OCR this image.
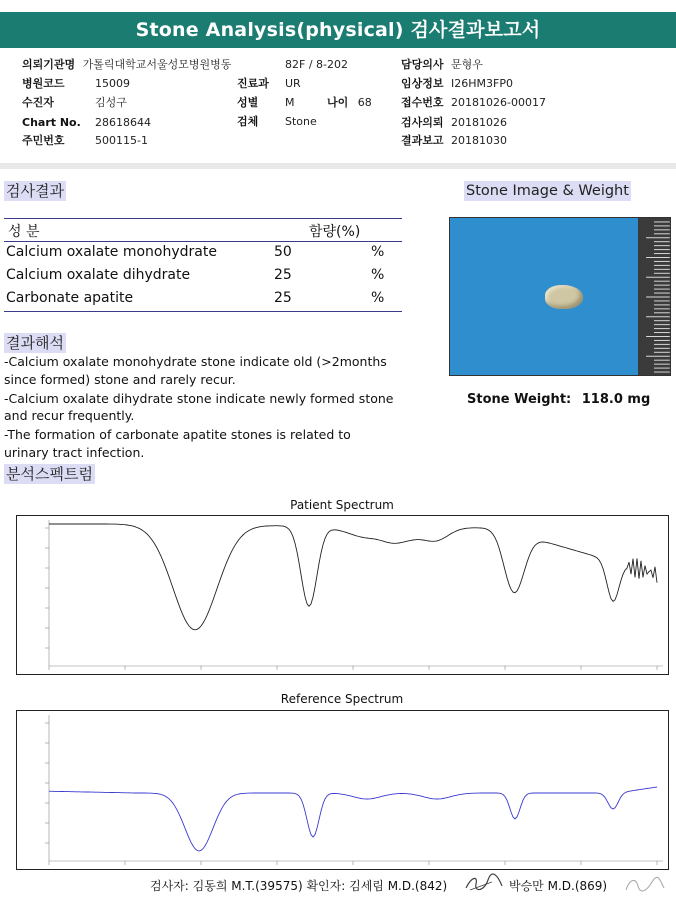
Stone Analysis(physical) 검사결과보고서
의뢰기관명 가톨릭대학교서울성모병원병동	82F / 8-202	담당의사 문형우
병원코드	15009	진료과 UR	임상정보 I26HM3FP0
수진자	김성구	성별 M	나이 68	접수번호 20181026-00017
Chart No. 28618644	검체 Stone	검사의뢰 20181026
주민번호	500115-1	결과보고 20181030
검사결과	Stone Image & Weight
성 분	함량(%)
Calcium oxalate monohydrate	50	%
Calcium oxalate dihydrate	25	%
Carbonate apatite	25	%
Stone Weight: 118.0 mg
결과해석
-Calcium oxalate monohydrate stone indicate old (>2months
since formed) stone and rarely recur.
-Calcium oxalate dihydrate stone indicate newly formed stone
and recur frequently.
-The formation of carbonate apatite stones is related to
urinary tract infection.
분석스펙트럼
Patient Spectrum
Reference Spectrum
검사자: 김동희 M.T.(39575) 확인자: 김세림 M.D.(842)	박승만 M.D.(869)
